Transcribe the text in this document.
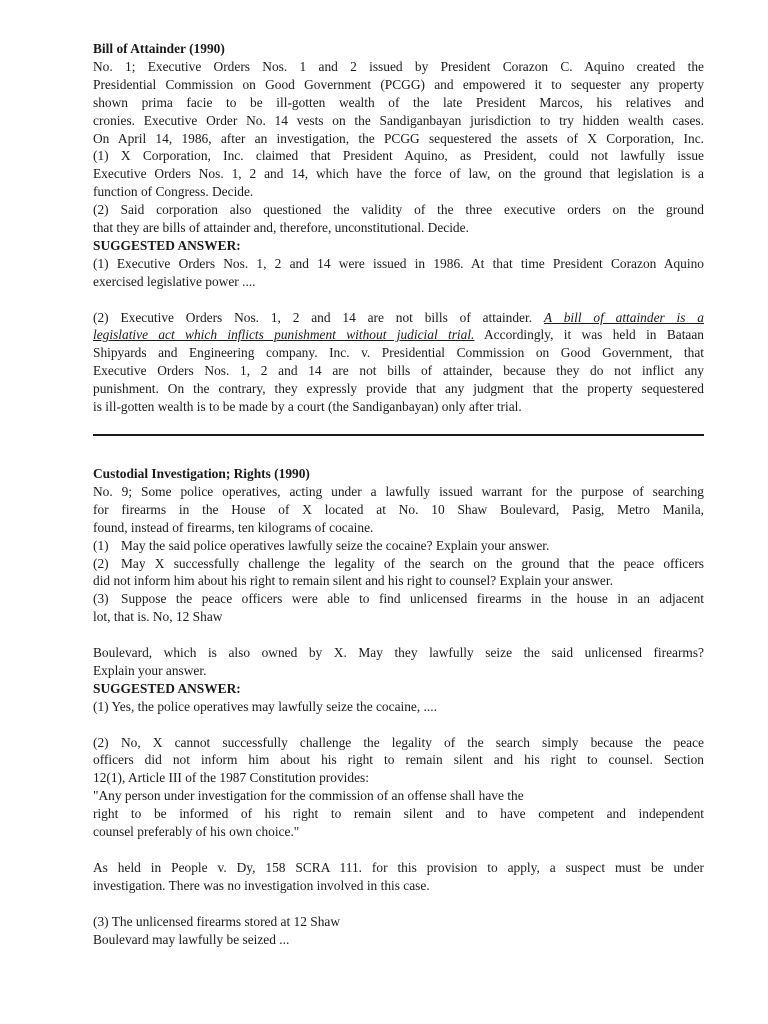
Bill of Attainder (1990)

No. 1; Executive Orders Nos. 1 and 2 issued by President Corazon C. Aquino created the

Presidential Commission on Good Government (PCGG) and empowered it to sequester any property

shown prima facie to be ill-gotten wealth of the late President Marcos, his relatives and

cronies. Executive Order No. 14 vests on the Sandiganbayan jurisdiction to try hidden wealth cases.

On April 14, 1986, after an investigation, the PCGG sequestered the assets of X Corporation, Inc.

(1) X Corporation, Inc. claimed that President Aquino, as President, could not lawfully issue

Executive Orders Nos. 1, 2 and 14, which have the force of law, on the ground that legislation is a

function of Congress. Decide.

(2) Said corporation also questioned the validity of the three executive orders on the ground

that they are bills of attainder and, therefore, unconstitutional. Decide.

SUGGESTED ANSWER:

(1) Executive Orders Nos. 1, 2 and 14 were issued in 1986. At that time President Corazon Aquino

exercised legislative power ....

(2) Executive Orders Nos. 1, 2 and 14 are not bills of attainder. A bill of attainder is a

legislative act which inflicts punishment without judicial trial. Accordingly, it was held in Bataan

Shipyards and Engineering company. Inc. v. Presidential Commission on Good Government, that

Executive Orders Nos. 1, 2 and 14 are not bills of attainder, because they do not inflict any

punishment. On the contrary, they expressly provide that any judgment that the property sequestered

is ill-gotten wealth is to be made by a court (the Sandiganbayan) only after trial.

Custodial Investigation; Rights (1990)

No. 9; Some police operatives, acting under a lawfully issued warrant for the purpose of searching

for firearms in the House of X located at No. 10 Shaw Boulevard, Pasig, Metro Manila,

found, instead of firearms, ten kilograms of cocaine.

(1) May the said police operatives lawfully seize the cocaine? Explain your answer.

(2) May X successfully challenge the legality of the search on the ground that the peace officers

did not inform him about his right to remain silent and his right to counsel? Explain your answer.

(3) Suppose the peace officers were able to find unlicensed firearms in the house in an adjacent

lot, that is. No, 12 Shaw

Boulevard, which is also owned by X. May they lawfully seize the said unlicensed firearms?

Explain your answer.

SUGGESTED ANSWER:

(1) Yes, the police operatives may lawfully seize the cocaine, ....

(2) No, X cannot successfully challenge the legality of the search simply because the peace

officers did not inform him about his right to remain silent and his right to counsel. Section

12(1), Article III of the 1987 Constitution provides:

"Any person under investigation for the commission of an offense shall have the

right to be informed of his right to remain silent and to have competent and independent

counsel preferably of his own choice."

As held in People v. Dy, 158 SCRA 111. for this provision to apply, a suspect must be under

investigation. There was no investigation involved in this case.

(3) The unlicensed firearms stored at 12 Shaw

Boulevard may lawfully be seized ...
